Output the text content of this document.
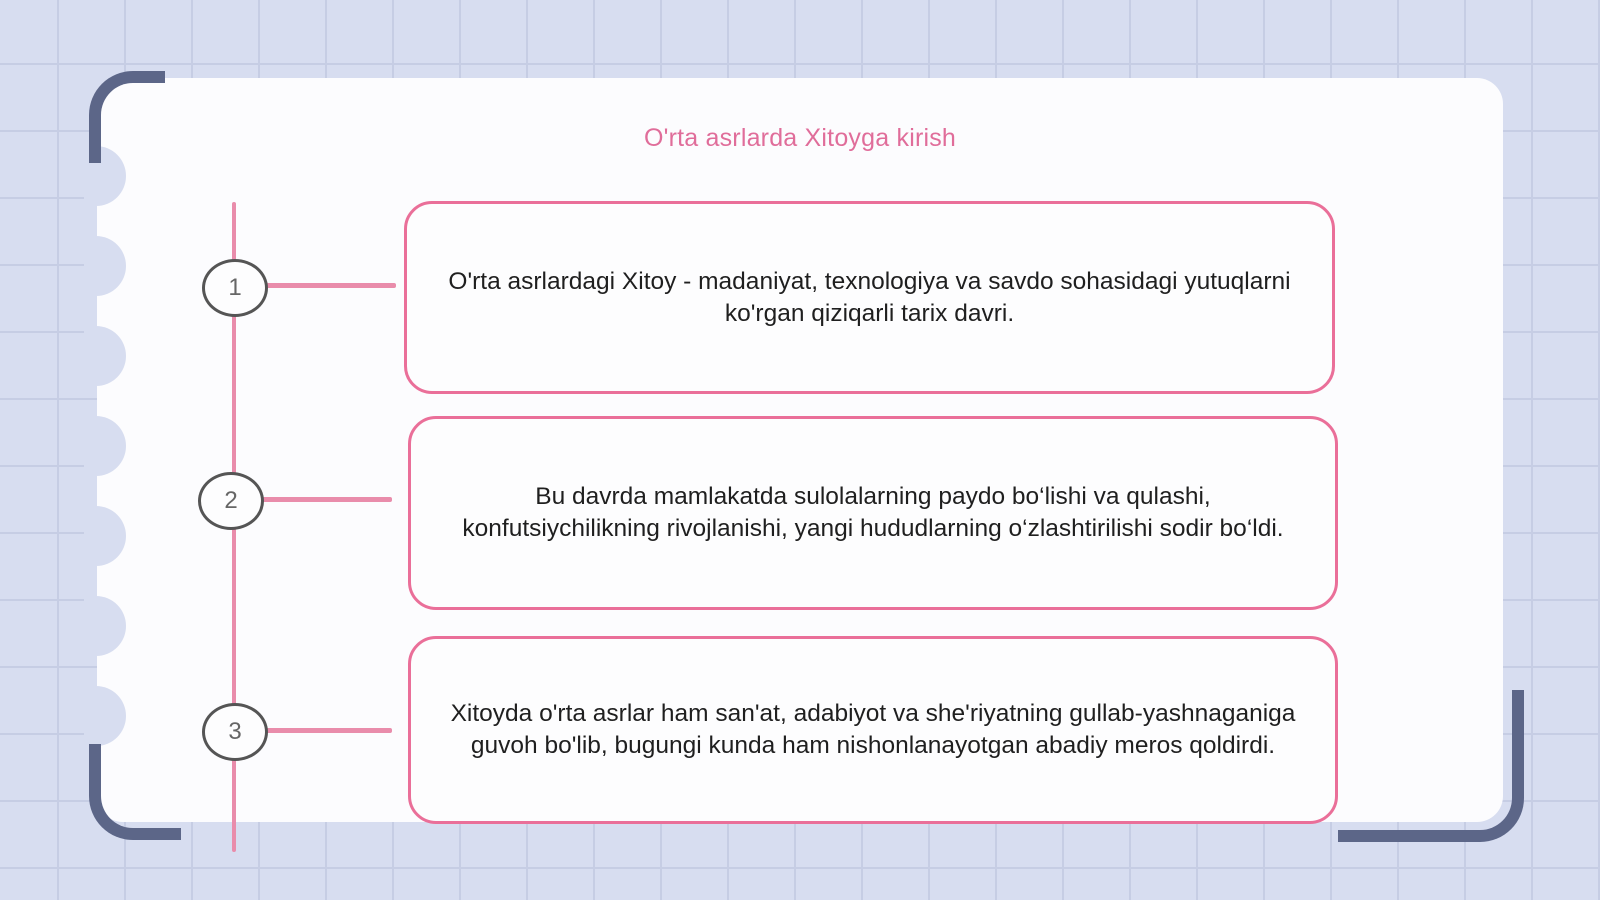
O'rta asrlarda Xitoyga kirish
1
2
3
O'rta asrlardagi Xitoy - madaniyat, texnologiya va savdo sohasidagi yutuqlarni ko'rgan qiziqarli tarix davri.
Bu davrda mamlakatda sulolalarning paydo bo‘lishi va qulashi, konfutsiychilikning rivojlanishi, yangi hududlarning o‘zlashtirilishi sodir bo‘ldi.
Xitoyda o'rta asrlar ham san'at, adabiyot va she'riyatning gullab-yashnaganiga guvoh bo'lib, bugungi kunda ham nishonlanayotgan abadiy meros qoldirdi.
